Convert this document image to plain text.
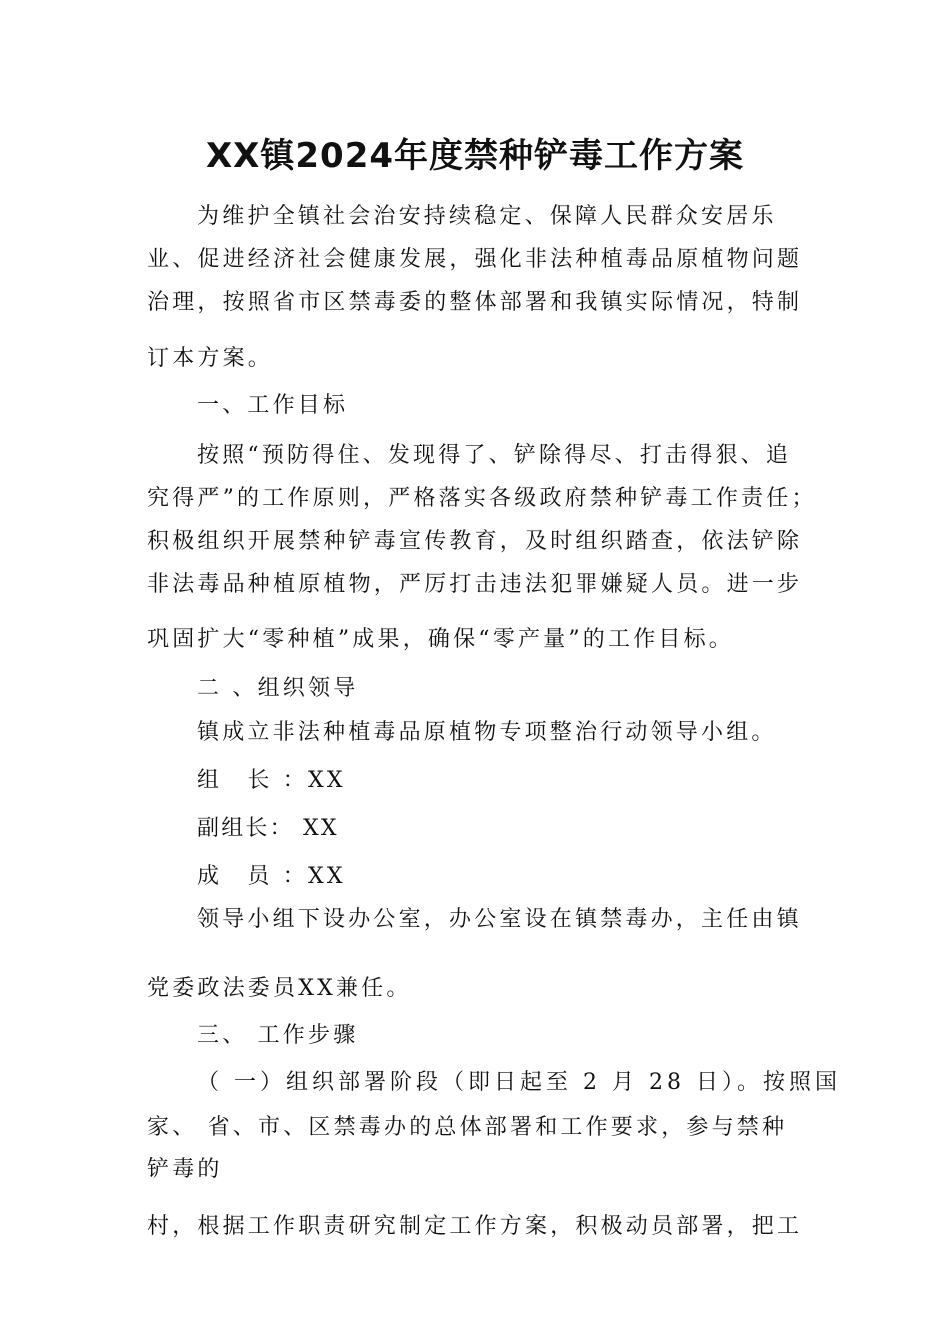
XX镇2024年度禁种铲毒工作方案

为维护全镇社会治安持续稳定、保障人民群众安居乐

业、促进经济社会健康发展，强化非法种植毒品原植物问题

治理，按照省市区禁毒委的整体部署和我镇实际情况，特制

订本方案。

一、工作目标

按照“预防得住、发现得了、铲除得尽、打击得狠、追

究得严”的工作原则，严格落实各级政府禁种铲毒工作责任；

积极组织开展禁种铲毒宣传教育，及时组织踏查，依法铲除

非法毒品种植原植物，严厉打击违法犯罪嫌疑人员。进一步

巩固扩大“零种植”成果，确保“零产量”的工作目标。

二 、组织领导

镇成立非法种植毒品原植物专项整治行动领导小组。

组　长 ：XX

副组长： XX

成　员 ：XX

领导小组下设办公室，办公室设在镇禁毒办，主任由镇

党委政法委员XX兼任。

三、 工作步骤

（ 一）组织部署阶段（即日起至 2 月 28 日）。按照国

家、 省、市、区禁毒办的总体部署和工作要求，参与禁种

铲毒的

村，根据工作职责研究制定工作方案，积极动员部署，把工
